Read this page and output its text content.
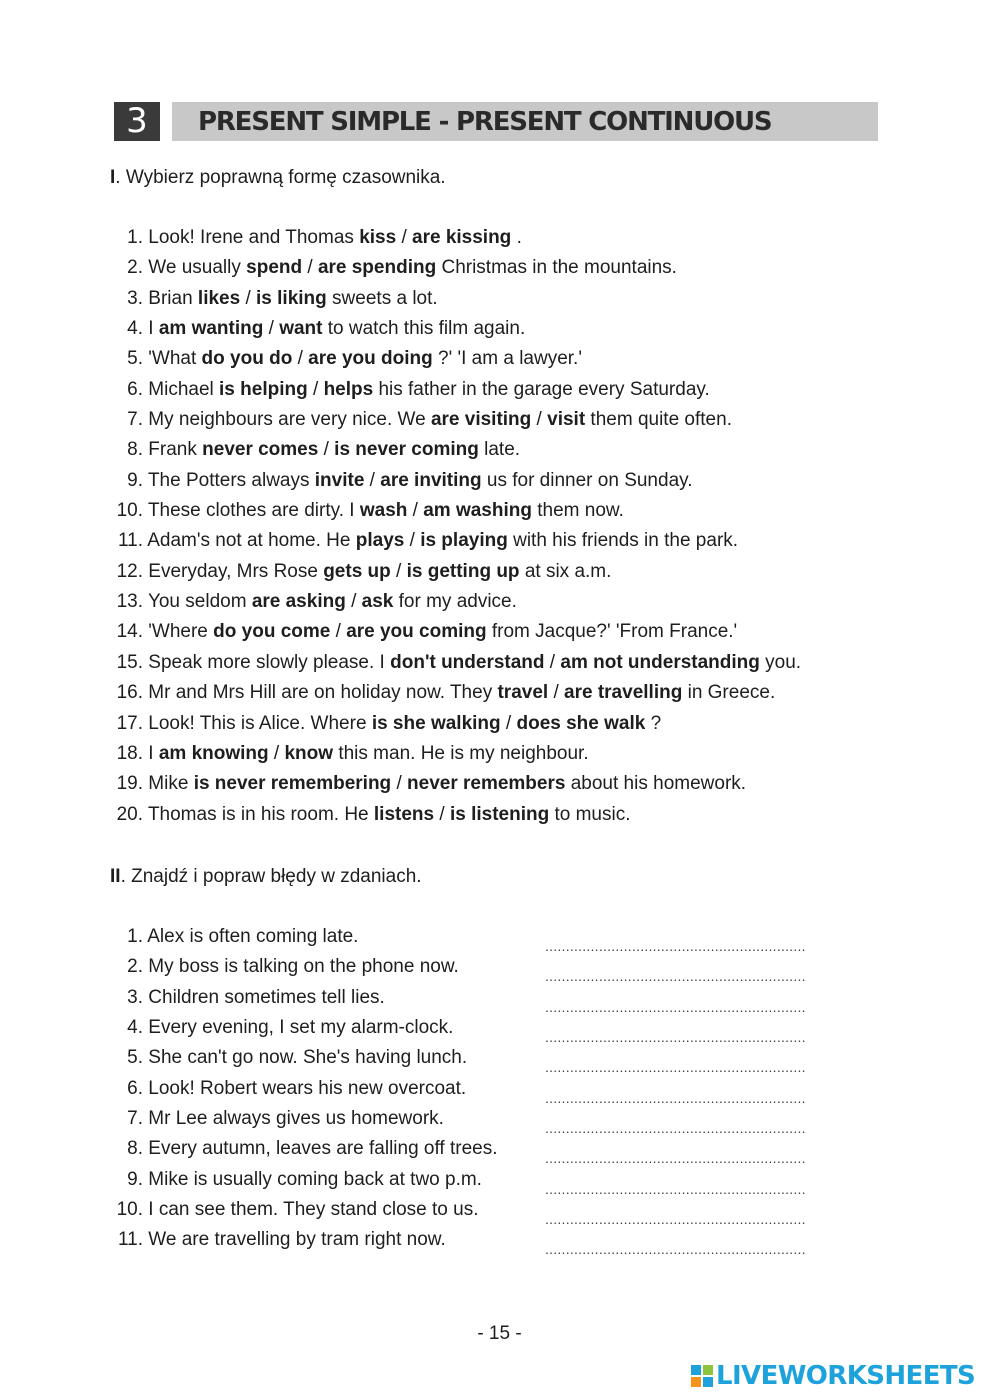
3	PRESENT SIMPLE - PRESENT CONTINUOUS
I. Wybierz poprawną formę czasownika.
1. Look! Irene and Thomas kiss / are kissing .
2. We usually spend / are spending Christmas in the mountains.
3. Brian likes / is liking sweets a lot.
4. I am wanting / want to watch this film again.
5. 'What do you do / are you doing ?' 'I am a lawyer.'
6. Michael is helping / helps his father in the garage every Saturday.
7. My neighbours are very nice. We are visiting / visit them quite often.
8. Frank never comes / is never coming late.
9. The Potters always invite / are inviting us for dinner on Sunday.
10. These clothes are dirty. I wash / am washing them now.
11. Adam's not at home. He plays / is playing with his friends in the park.
12. Everyday, Mrs Rose gets up / is getting up at six a.m.
13. You seldom are asking / ask for my advice.
14. 'Where do you come / are you coming from Jacque?' 'From France.'
15. Speak more slowly please. I don't understand / am not understanding you.
16. Mr and Mrs Hill are on holiday now. They travel / are travelling in Greece.
17. Look! This is Alice. Where is she walking / does she walk ?
18. I am knowing / know this man. He is my neighbour.
19. Mike is never remembering / never remembers about his homework.
20. Thomas is in his room. He listens / is listening to music.
II. Znajdź i popraw błędy w zdaniach.
1. Alex is often coming late.
2. My boss is talking on the phone now.
3. Children sometimes tell lies.
4. Every evening, I set my alarm-clock.
5. She can't go now. She's having lunch.
6. Look! Robert wears his new overcoat.
7. Mr Lee always gives us homework.
8. Every autumn, leaves are falling off trees.
9. Mike is usually coming back at two p.m.
10. I can see them. They stand close to us.
11. We are travelling by tram right now.
...............................................................
...............................................................
...............................................................
...............................................................
...............................................................
...............................................................
...............................................................
...............................................................
...............................................................
...............................................................
...............................................................
- 15 -
LIVEWORKSHEETS
